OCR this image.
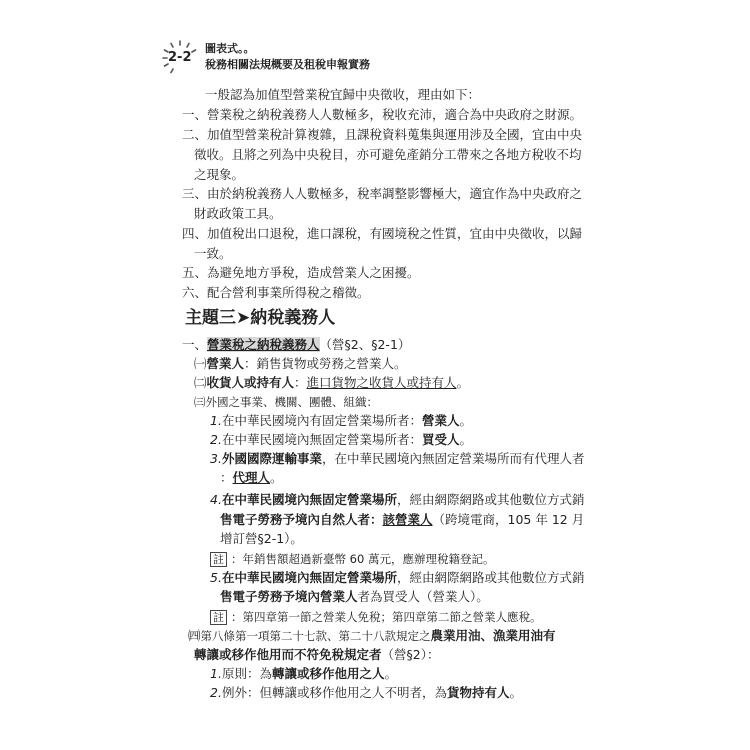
2-2
圖表式。。
稅務相關法規概要及租稅申報實務
一般認為加值型營業稅宜歸中央徵收，理由如下：
一、營業稅之納稅義務人人數極多，稅收充沛，適合為中央政府之財源。
二、加值型營業稅計算複雜，且課稅資料蒐集與運用涉及全國，宜由中央
徵收。且將之列為中央稅目，亦可避免產銷分工帶來之各地方稅收不均
之現象。
三、由於納稅義務人人數極多，稅率調整影響極大，適宜作為中央政府之
財政政策工具。
四、加值稅出口退稅，進口課稅，有國境稅之性質，宜由中央徵收，以歸
一致。
五、為避免地方爭稅，造成營業人之困擾。
六、配合營利事業所得稅之稽徵。
主題三➤納稅義務人
一、營業稅之納稅義務人（營§2、§2-1）
㈠營業人：銷售貨物或勞務之營業人。
㈡收貨人或持有人：進口貨物之收貨人或持有人。
㈢外國之事業、機關、團體、組織：
1.在中華民國境內有固定營業場所者：營業人。
2.在中華民國境內無固定營業場所者：買受人。
3.外國國際運輸事業，在中華民國境內無固定營業場所而有代理人者
：代理人。
4.在中華民國境內無固定營業場所，經由網際網路或其他數位方式銷
售電子勞務予境內自然人者：該營業人（跨境電商，105 年 12 月
增訂營§2-1）。
註 ：年銷售額超過新臺幣 60 萬元，應辦理稅籍登記。
5.在中華民國境內無固定營業場所，經由網際網路或其他數位方式銷
售電子勞務予境內營業人者為買受人（營業人）。
註 ：第四章第一節之營業人免稅；第四章第二節之營業人應稅。
㈣第八條第一項第二十七款、第二十八款規定之農業用油、漁業用油有
轉讓或移作他用而不符免稅規定者（營§2）：
1.原則：為轉讓或移作他用之人。
2.例外：但轉讓或移作他用之人不明者，為貨物持有人。
